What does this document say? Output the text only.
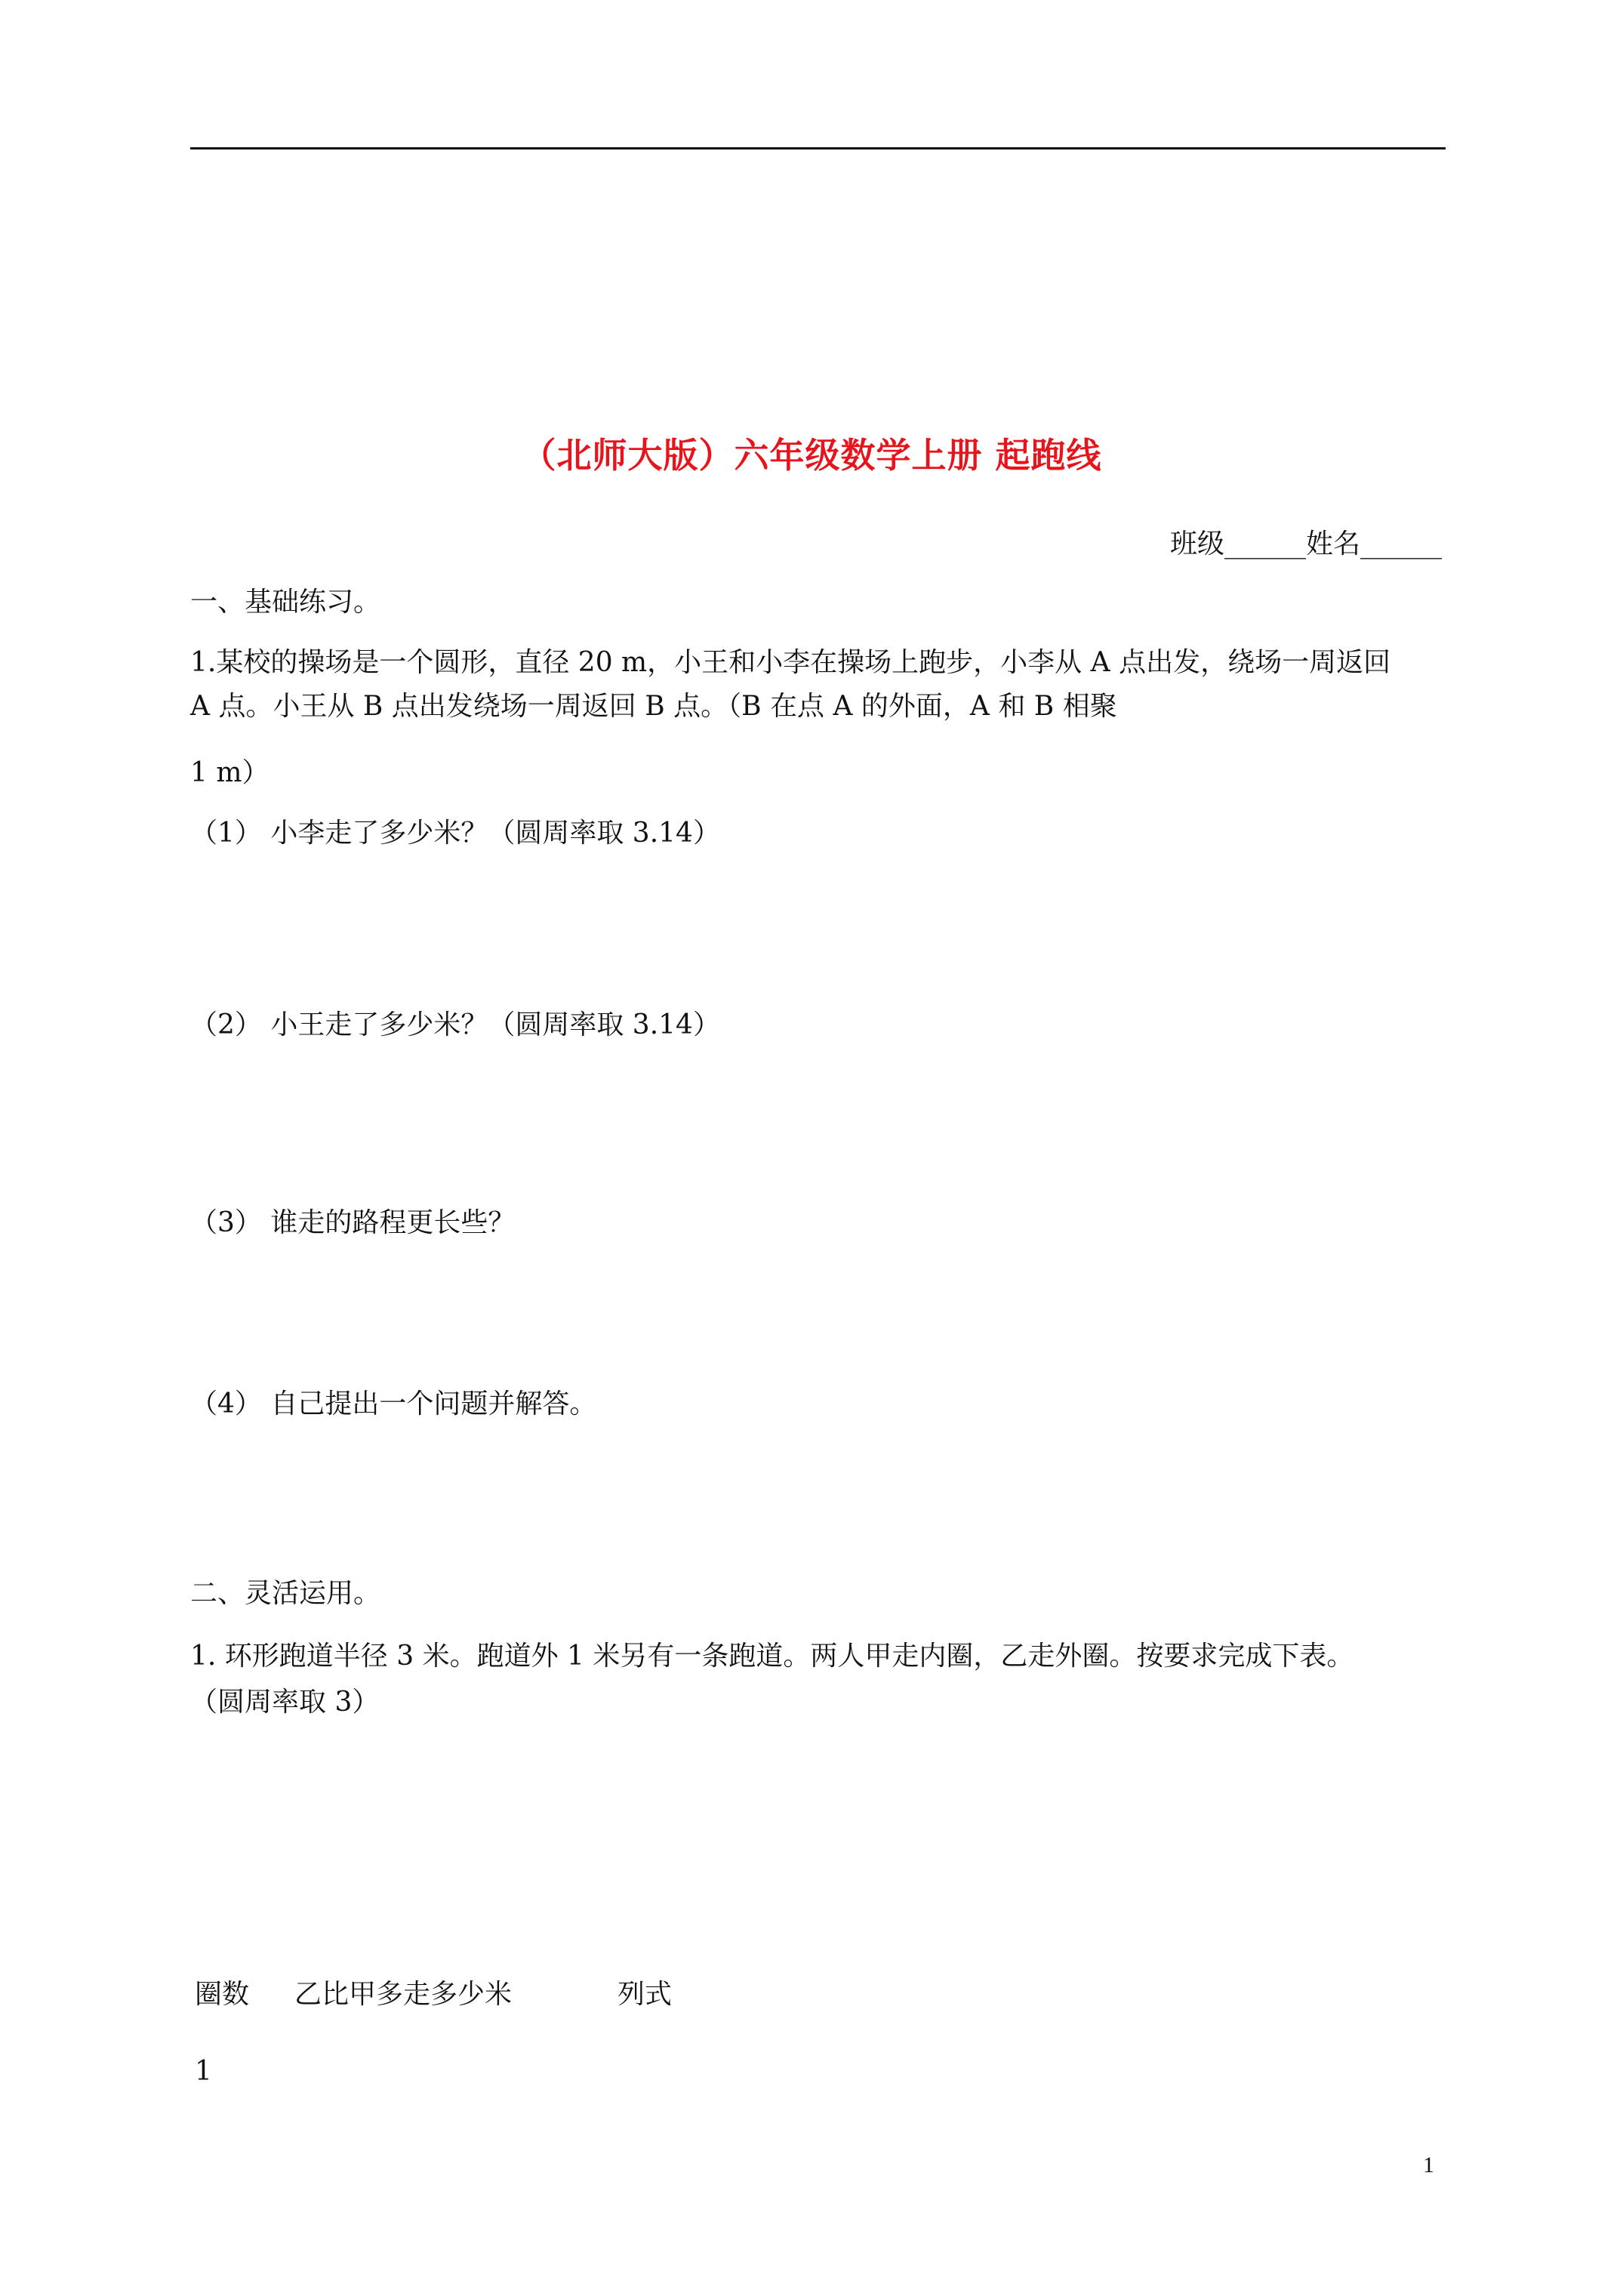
（北师大版）六年级数学上册 起跑线
班级______姓名______
一、基础练习。
1.某校的操场是一个圆形，直径 20 m，小王和小李在操场上跑步，小李从 A 点出发，绕场一周返回
A 点。小王从 B 点出发绕场一周返回 B 点。（B 在点 A 的外面，A 和 B 相聚
1 m）
（1） 小李走了多少米？（圆周率取 3.14）
（2） 小王走了多少米？（圆周率取 3.14）
（3） 谁走的路程更长些？
（4） 自己提出一个问题并解答。
二、灵活运用。
1. 环形跑道半径 3 米。跑道外 1 米另有一条跑道。两人甲走内圈，乙走外圈。按要求完成下表。
（圆周率取 3）
圈数 乙比甲多走多少米	列式
1
1
